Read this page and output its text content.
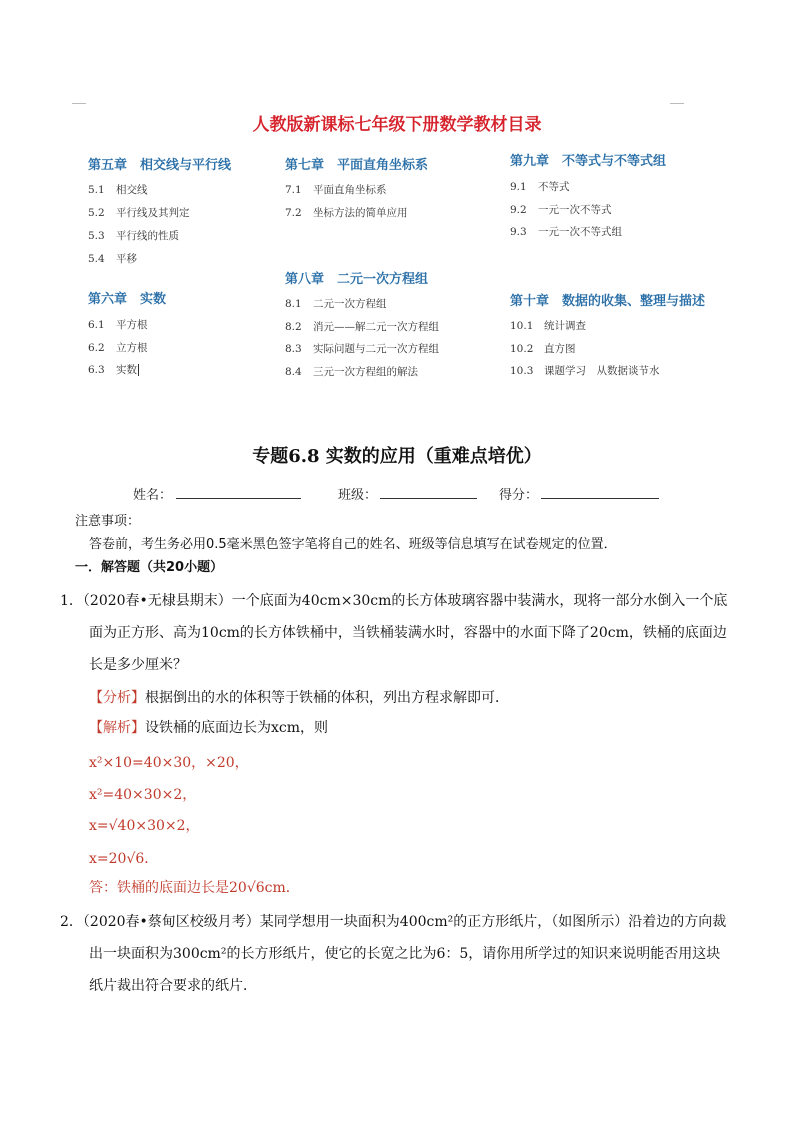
人教版新课标七年级下册数学教材目录
第五章　相交线与平行线
5.1 相交线
5.2 平行线及其判定
5.3 平行线的性质
5.4 平移
第六章　实数
6.1 平方根
6.2 立方根
6.3 实数
第七章　平面直角坐标系
7.1 平面直角坐标系
7.2 坐标方法的简单应用
第八章　二元一次方程组
8.1 二元一次方程组
8.2 消元——解二元一次方程组
8.3 实际问题与二元一次方程组
8.4 三元一次方程组的解法
第九章　不等式与不等式组
9.1 不等式
9.2 一元一次不等式
9.3 一元一次不等式组
第十章　数据的收集、整理与描述
10.1 统计调查
10.2 直方图
10.3 课题学习　从数据谈节水
专题6.8 实数的应用（重难点培优）
姓名：	班级：	得分：
注意事项：
答卷前，考生务必用0.5毫米黑色签字笔将自己的姓名、班级等信息填写在试卷规定的位置．
一．解答题（共20小题）
1．（2020春•无棣县期末）一个底面为40cm×30cm的长方体玻璃容器中装满水，现将一部分水倒入一个底
面为正方形、高为10cm的长方体铁桶中，当铁桶装满水时，容器中的水面下降了20cm，铁桶的底面边
长是多少厘米？
【分析】根据倒出的水的体积等于铁桶的体积，列出方程求解即可．
【解析】设铁桶的底面边长为xcm，则
x²×10=40×30，×20，
x²=40×30×2，
x=√40×30×2，
x=20√6．
答：铁桶的底面边长是20√6cm．
2．（2020春•蔡甸区校级月考）某同学想用一块面积为400cm²的正方形纸片，（如图所示）沿着边的方向裁
出一块面积为300cm²的长方形纸片，使它的长宽之比为6：5，请你用所学过的知识来说明能否用这块
纸片裁出符合要求的纸片．
